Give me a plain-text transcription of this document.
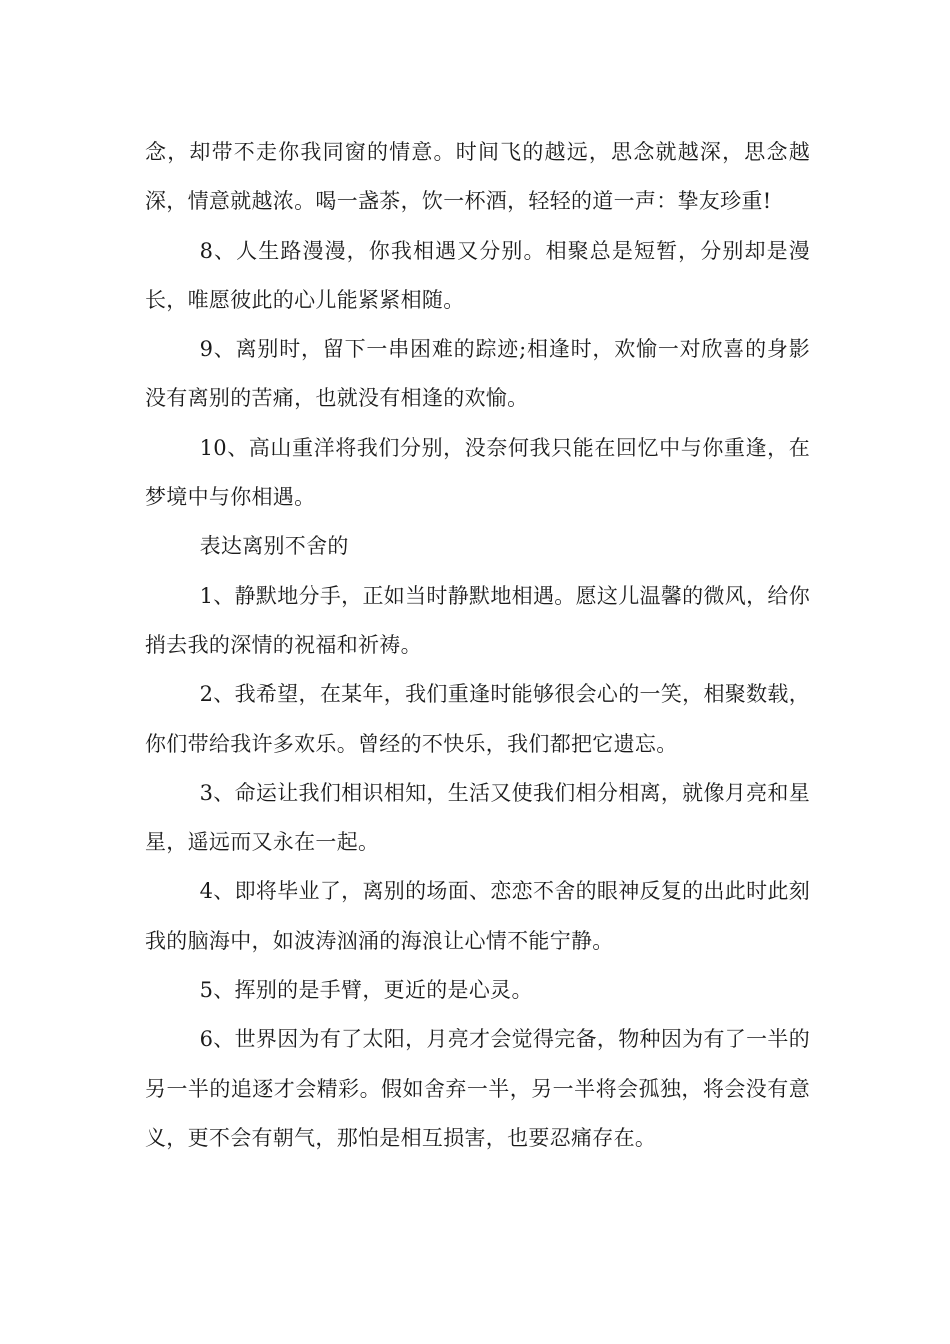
念，却带不走你我同窗的情意。时间飞的越远，思念就越深，思念越深，情意就越浓。喝一盏茶，饮一杯酒，轻轻的道一声：挚友珍重!

8、人生路漫漫，你我相遇又分别。相聚总是短暂，分别却是漫长，唯愿彼此的心儿能紧紧相随。

9、离别时，留下一串困难的踪迹;相逢时，欢愉一对欣喜的身影没有离别的苦痛，也就没有相逢的欢愉。

10、高山重洋将我们分别，没奈何我只能在回忆中与你重逢，在梦境中与你相遇。

表达离别不舍的

1、静默地分手，正如当时静默地相遇。愿这儿温馨的微风，给你捎去我的深情的祝福和祈祷。

2、我希望，在某年，我们重逢时能够很会心的一笑，相聚数载，你们带给我许多欢乐。曾经的不快乐，我们都把它遗忘。

3、命运让我们相识相知，生活又使我们相分相离，就像月亮和星星，遥远而又永在一起。

4、即将毕业了，离别的场面、恋恋不舍的眼神反复的出此时此刻我的脑海中，如波涛汹涌的海浪让心情不能宁静。

5、挥别的是手臂，更近的是心灵。

6、世界因为有了太阳，月亮才会觉得完备，物种因为有了一半的另一半的追逐才会精彩。假如舍弃一半，另一半将会孤独，将会没有意义，更不会有朝气，那怕是相互损害，也要忍痛存在。
